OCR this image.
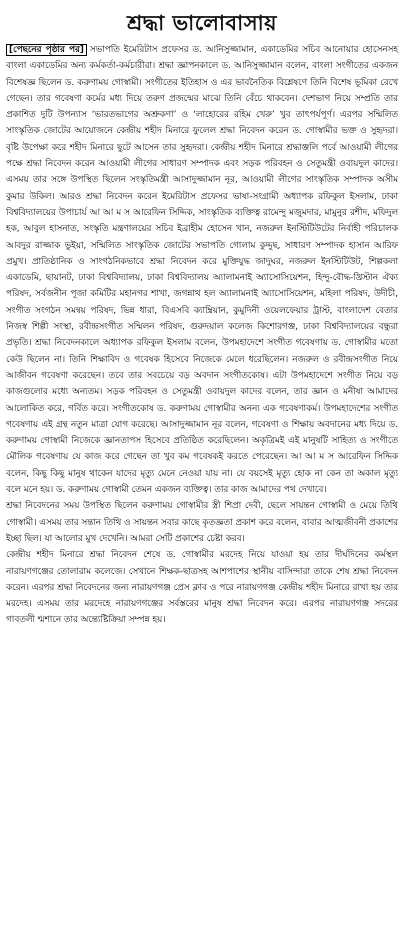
শ্রদ্ধা ভালোবাসায়

[পেছনের পৃষ্ঠার পর] সভাপতি ইমেরিটাস প্রফেসর ড. আনিসুজ্জামান, একাডেমির সচিব আনোয়ার হোসেনসহ বাংলা একাডেমির অন্য কর্মকর্তা-কর্মচারীরা। শ্রদ্ধা জ্ঞাপনকালে ড. আনিসুজ্জামান বলেন, বাংলা সংগীতের একজন বিশেষজ্ঞ ছিলেন ড. করুণাময় গোস্বামী। সংগীতের ইতিহাস ও এর ভাবনৈতিক বিশ্লেষণে তিনি বিশেষ ভূমিকা রেখে গেছেন। তার গবেষণা কর্মের মধ্য দিয়ে তরুণ প্রজন্মের মাঝে তিনি বেঁচে থাকবেন। দেশভাগ নিয়ে সম্প্রতি তার প্রকাশিত দুটি উপন্যাস ‘ভারতভাগের অশ্রুকণা’ ও ‘লাহোরের রহিম খেরু’ খুব তাৎপর্যপূর্ণ। এরপর সম্মিলিত সাংস্কৃতিক জোটের আয়োজনে কেন্দ্রীয় শহীদ মিনারে ফুলেল শ্রদ্ধা নিবেদন করেন ড. গোস্বামীর ভক্ত ও সুহৃদরা। বৃষ্টি উপেক্ষা করে শহীদ মিনারে ছুটে আসেন তার সুহৃদরা। কেন্দ্রীয় শহীদ মিনারে শ্রদ্ধাঞ্জলি পর্বে আওয়ামী লীগের পক্ষে শ্রদ্ধা নিবেদন করেন আওয়ামী লীগের সাধারণ সম্পাদক এবং সড়ক পরিবহন ও সেতুমন্ত্রী ওবায়দুল কাদের। এসময় তার সঙ্গে উপস্থিত ছিলেন সংস্কৃতিমন্ত্রী আসাদুজ্জামান নূর, আওয়ামী লীগের সাংস্কৃতিক সম্পাদক অসীম কুমার উকিল। আরও শ্রদ্ধা নিবেদন করেন ইমেরিটাস প্রফেসর ভাষা-সংগ্রামী অধ্যাপক রফিকুল ইসলাম, ঢাকা বিশ্ববিদ্যালয়ের উপাচার্য আ আ ম স আরেফিন সিদ্দিক, সাংস্কৃতিক ব্যক্তিত্ব রামেন্দু মজুমদার, মামুনুর রশীদ, মফিদুল হক, আবুল হাসনাত, সংস্কৃতি মন্ত্রণালয়ের সচিব ইব্রাহীম হোসেন খান, নজরুল ইনস্টিটিউটের নির্বাহী পরিচালক আবদুর রাজ্জাক ভুইয়া, সম্মিলিত সাংস্কৃতিক জোটের সভাপতি গোলাম কুদ্দুছ, সাধারণ সম্পাদক হাসান আরিফ প্রমুখ। প্রাতিষ্ঠানিক ও সাংগঠনিকভাবে শ্রদ্ধা নিবেদন করে মুক্তিযুদ্ধ জাদুঘর, নজরুল ইনস্টিটিউট, শিল্পকলা একাডেমি, ছায়ানট, ঢাকা বিশ্ববিদ্যালয়, ঢাকা বিশ্ববিদ্যালয় অ্যালামনাই অ্যাসোসিয়েশন, হিন্দু-বৌদ্ধ-খ্রিস্টান ঐক্য পরিষদ, সর্বজনীন পূজা কমিটির মহানগর শাখা, জগন্নাথ হল অ্যালামনাই অ্যাসোসিয়েশন, মহিলা পরিষদ, উদীচী, সংগীত সংগঠন সমন্বয় পরিষদ, ভিন্ন ধারা, বিএসবি ক্যাম্ব্রিয়ান, কুমুদিনী ওয়েলফেয়ার ট্রাস্ট, বাংলাদেশ বেতার নিজস্ব শিল্পী সংস্থা, রবীন্দ্রসংগীত সম্মিলন পরিষদ, গুরুদয়াল কলেজ কিশোরগঞ্জ, ঢাকা বিশ্ববিদ্যালয়ের বন্ধুরা প্রভৃতি। শ্রদ্ধা নিবেদনকালে অধ্যাপক রফিকুল ইসলাম বলেন, উপমহাদেশে সংগীত গবেষণায় ড. গোস্বামীর মতো কেউ ছিলেন না। তিনি শিক্ষাবিদ ও গবেষক হিসেবে নিজেকে মেলে ধরেছিলেন। নজরুল ও রবীন্দ্রসংগীত নিয়ে আজীবন গবেষণা করেছেন। তবে তার সবচেয়ে বড় অবদান সংগীতকোষ। এটা উপমহাদেশে সংগীত নিয়ে বড় কাজগুলোর মধ্যে অন্যতম। সড়ক পরিবহন ও সেতুমন্ত্রী ওবায়দুল কাদের বলেন, তার জ্ঞান ও মনীষা আমাদের আলোকিত করে, গর্বিত করে। সংগীতকোষ ড. করুণাময় গোস্বামীর অনন্য এক গবেষণাকর্ম। উপমহাদেশের সংগীত গবেষণায় এই গ্রন্থ নতুন মাত্রা যোগ করেছে। আসাদুজ্জামান নূর বলেন, গবেষণা ও শিক্ষায় অবদানের মধ্য দিয়ে ড. করুণাময় গোস্বামী নিজেকে জ্ঞানতাপস হিসেবে প্রতিষ্ঠিত করেছিলেন। অকৃত্রিমই এই মানুষটি সাহিত্য ও সংগীতে মৌলিক গবেষণায় যে কাজ করে গেছেন তা খুব কম গবেষকই করতে পেরেছেন। আ আ ম স আরেফিন সিদ্দিক বলেন, কিছু কিছু মানুষ থাকেন যাদের মৃত্যু মেনে নেওয়া যায় না। যে বয়সেই মৃত্যু হোক না কেন তা অকাল মৃত্যু বলে মনে হয়। ড. করুণাময় গোস্বামী তেমন একজন ব্যক্তিত্ব। তার কাজ আমাদের পথ দেখাবে।

শ্রদ্ধা নিবেদনের সময় উপস্থিত ছিলেন করুণাময় গোস্বামীর স্ত্রী শিপ্রা দেবী, ছেলে সায়ন্তন গোস্বামী ও মেয়ে তিথি গোস্বামী। এসময় তার সন্তান তিথি ও সায়ন্তন সবার কাছে কৃতজ্ঞতা প্রকাশ করে বলেন, বাবার আত্মজীবনী প্রকাশের ইচ্ছা ছিল। যা আলোর মুখ দেখেনি। আমরা সেটি প্রকাশের চেষ্টা করব।

কেন্দ্রীয় শহীদ মিনারে শ্রদ্ধা নিবেদন শেষে ড. গোস্বামীর মরদেহ নিয়ে যাওয়া হয় তার দীর্ঘদিনের কর্মস্থল নারায়ণগঞ্জের তোলারাম কলেজে। সেখানে শিক্ষক-ছাত্রসহ আশপাশের স্থানীয় বাসিন্দারা তাকে শেষ শ্রদ্ধা নিবেদন করেন। এরপর শ্রদ্ধা নিবেদনের জন্য নারায়ণগঞ্জ প্রেস ক্লাব ও পরে নারায়ণগঞ্জ কেন্দ্রীয় শহীদ মিনারে রাখা হয় তার মরদেহ। এসময় তার মরদেহে নারায়ণগঞ্জের সর্বস্তরের মানুষ শ্রদ্ধা নিবেদন করে। এরপর নারায়ণগঞ্জ সদরের গাবতলী শ্মশানে তার অন্ত্যেষ্টিক্রিয়া সম্পন্ন হয়।
